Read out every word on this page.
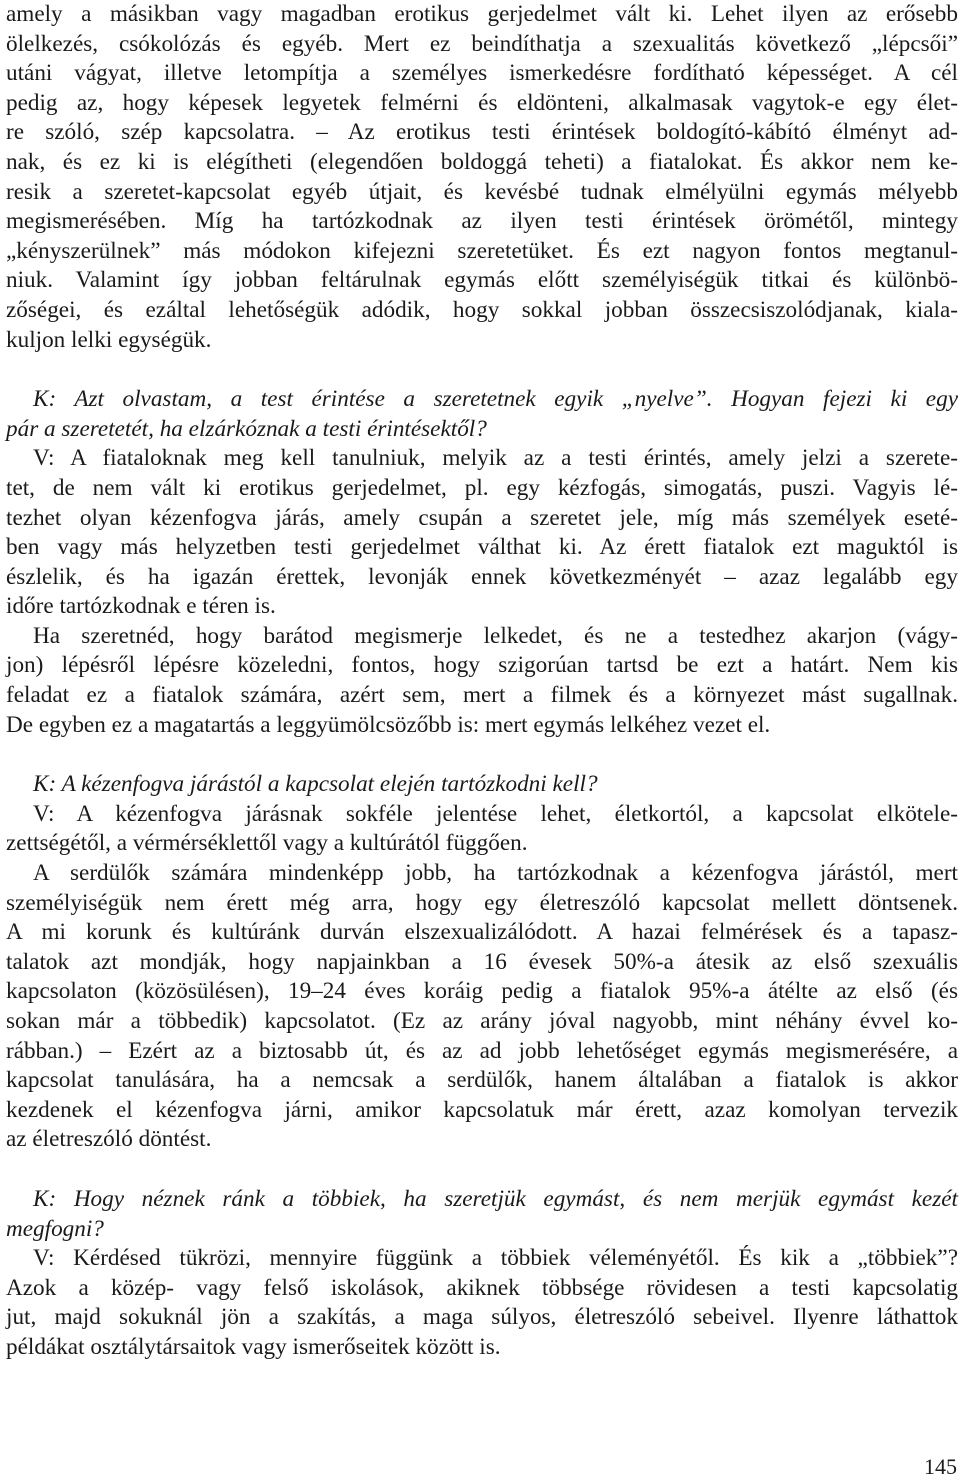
amely a másikban vagy magadban erotikus gerjedelmet vált ki. Lehet ilyen az erősebb
ölelkezés, csókolózás és egyéb. Mert ez beindíthatja a szexualitás következő „lépcsői”
utáni vágyat, illetve letompítja a személyes ismerkedésre fordítható képességet. A cél
pedig az, hogy képesek legyetek felmérni és eldönteni, alkalmasak vagytok-e egy élet-
re szóló, szép kapcsolatra. – Az erotikus testi érintések boldogító-kábító élményt ad-
nak, és ez ki is elégítheti (elegendően boldoggá teheti) a fiatalokat. És akkor nem ke-
resik a szeretet-kapcsolat egyéb útjait, és kevésbé tudnak elmélyülni egymás mélyebb
megismerésében. Míg ha tartózkodnak az ilyen testi érintések örömétől, mintegy
„kényszerülnek” más módokon kifejezni szeretetüket. És ezt nagyon fontos megtanul-
niuk. Valamint így jobban feltárulnak egymás előtt személyiségük titkai és különbö-
zőségei, és ezáltal lehetőségük adódik, hogy sokkal jobban összecsiszolódjanak, kiala-
kuljon lelki egységük.
K: Azt olvastam, a test érintése a szeretetnek egyik „nyelve”. Hogyan fejezi ki egy
pár a szeretetét, ha elzárkóznak a testi érintésektől?
V: A fiataloknak meg kell tanulniuk, melyik az a testi érintés, amely jelzi a szerete-
tet, de nem vált ki erotikus gerjedelmet, pl. egy kézfogás, simogatás, puszi. Vagyis lé-
tezhet olyan kézenfogva járás, amely csupán a szeretet jele, míg más személyek eseté-
ben vagy más helyzetben testi gerjedelmet válthat ki. Az érett fiatalok ezt maguktól is
észlelik, és ha igazán érettek, levonják ennek következményét – azaz legalább egy
időre tartózkodnak e téren is.
Ha szeretnéd, hogy barátod megismerje lelkedet, és ne a testedhez akarjon (vágy-
jon) lépésről lépésre közeledni, fontos, hogy szigorúan tartsd be ezt a határt. Nem kis
feladat ez a fiatalok számára, azért sem, mert a filmek és a környezet mást sugallnak.
De egyben ez a magatartás a leggyümölcsözőbb is: mert egymás lelkéhez vezet el.
K: A kézenfogva járástól a kapcsolat elején tartózkodni kell?
V: A kézenfogva járásnak sokféle jelentése lehet, életkortól, a kapcsolat elkötele-
zettségétől, a vérmérséklettől vagy a kultúrától függően.
A serdülők számára mindenképp jobb, ha tartózkodnak a kézenfogva járástól, mert
személyiségük nem érett még arra, hogy egy életreszóló kapcsolat mellett döntsenek.
A mi korunk és kultúránk durván elszexualizálódott. A hazai felmérések és a tapasz-
talatok azt mondják, hogy napjainkban a 16 évesek 50%-a átesik az első szexuális
kapcsolaton (közösülésen), 19–24 éves koráig pedig a fiatalok 95%-a átélte az első (és
sokan már a többedik) kapcsolatot. (Ez az arány jóval nagyobb, mint néhány évvel ko-
rábban.) – Ezért az a biztosabb út, és az ad jobb lehetőséget egymás megismerésére, a
kapcsolat tanulására, ha a nemcsak a serdülők, hanem általában a fiatalok is akkor
kezdenek el kézenfogva járni, amikor kapcsolatuk már érett, azaz komolyan tervezik
az életreszóló döntést.
K: Hogy néznek ránk a többiek, ha szeretjük egymást, és nem merjük egymást kezét
megfogni?
V: Kérdésed tükrözi, mennyire függünk a többiek véleményétől. És kik a „többiek”?
Azok a közép- vagy felső iskolások, akiknek többsége rövidesen a testi kapcsolatig
jut, majd sokuknál jön a szakítás, a maga súlyos, életreszóló sebeivel. Ilyenre láthattok
példákat osztálytársaitok vagy ismerőseitek között is.
145
